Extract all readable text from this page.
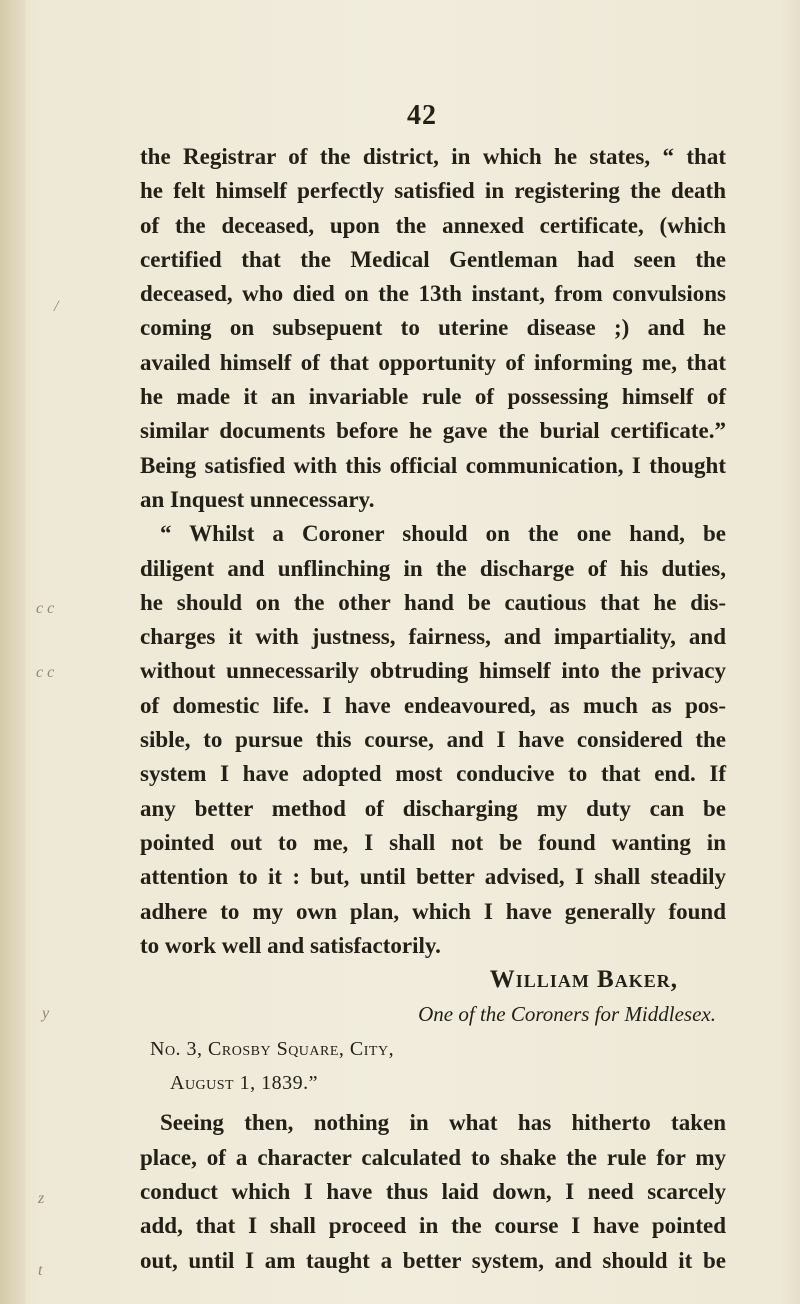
/
c c
c c
y
z
t
42
the Registrar of the district, in which he states, “ that
he felt himself perfectly satisfied in registering the death
of the deceased, upon the annexed certificate, (which
certified that the Medical Gentleman had seen the
deceased, who died on the 13th instant, from convulsions
coming on subsepuent to uterine disease ;) and he
availed himself of that opportunity of informing me, that
he made it an invariable rule of possessing himself of
similar documents before he gave the burial certificate.”
Being satisfied with this official communication, I thought
an Inquest unnecessary.
“ Whilst a Coroner should on the one hand, be
diligent and unflinching in the discharge of his duties,
he should on the other hand be cautious that he dis-
charges it with justness, fairness, and impartiality, and
without unnecessarily obtruding himself into the privacy
of domestic life. I have endeavoured, as much as pos-
sible, to pursue this course, and I have considered the
system I have adopted most conducive to that end. If
any better method of discharging my duty can be
pointed out to me, I shall not be found wanting in
attention to it : but, until better advised, I shall steadily
adhere to my own plan, which I have generally found
to work well and satisfactorily.
William Baker,
One of the Coroners for Middlesex.
No. 3, Crosby Square, City,
August 1, 1839.”
Seeing then, nothing in what has hitherto taken
place, of a character calculated to shake the rule for my
conduct which I have thus laid down, I need scarcely
add, that I shall proceed in the course I have pointed
out, until I am taught a better system, and should it be
